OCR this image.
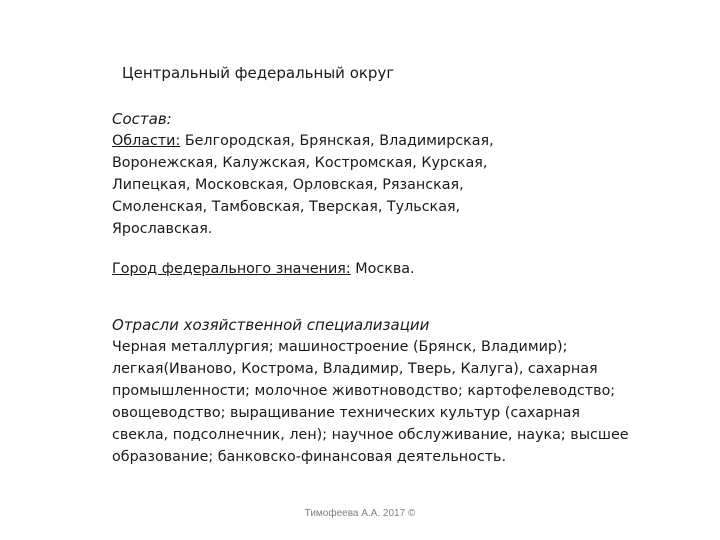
Центральный федеральный округ

Состав:

Области: Белгородская, Брянская, Владимирская,
Воронежская, Калужская, Костромская, Курская,
Липецкая, Московская, Орловская, Рязанская,
Смоленская, Тамбовская, Тверская, Тульская,
Ярославская.

Город федерального значения: Москва.

Отрасли хозяйственной специализации

Черная металлургия; машиностроение (Брянск, Владимир);
легкая(Иваново, Кострома, Владимир, Тверь, Калуга), сахарная
промышленности; молочное животноводство; картофелеводство;
овощеводство; выращивание технических культур (сахарная
свекла, подсолнечник, лен); научное обслуживание, наука; высшее
образование; банковско-финансовая деятельность.

Тимофеева А.А. 2017 ©
